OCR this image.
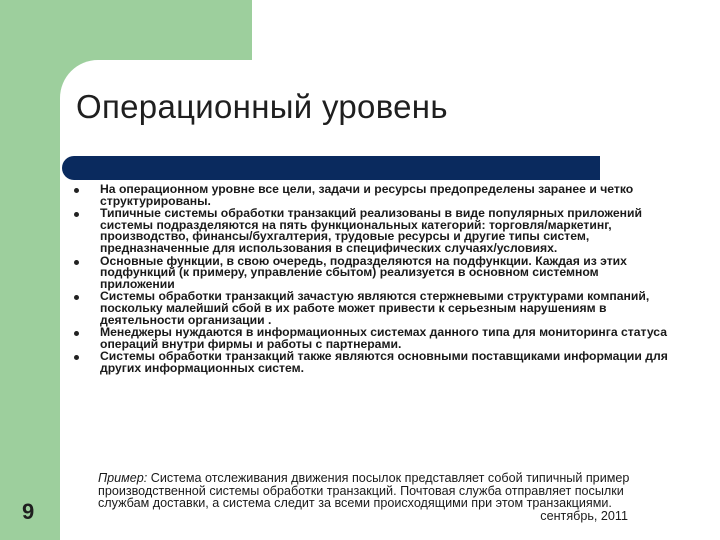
Операционный уровень
На операционном уровне все цели, задачи и ресурсы предопределены заранее и четко структурированы.
Типичные системы обработки транзакций реализованы в виде популярных приложений системы подразделяются на пять функциональных категорий: торговля/маркетинг, производство, финансы/бухгалтерия, трудовые ресурсы и другие типы систем, предназначенные для использования в специфических случаях/условиях.
Основные функции, в свою очередь, подразделяются на подфункции. Каждая из этих подфункций (к примеру, управление сбытом) реализуется в основном системном приложении
Системы обработки транзакций зачастую являются стержневыми структурами компаний, поскольку малейший сбой в их работе может привести к серьезным нарушениям в деятельности организации .
Менеджеры нуждаются в информационных системах данного типа для мониторинга статуса операций внутри фирмы и работы с партнерами.
Системы обработки транзакций также являются основными поставщиками информации для других информационных систем.

Пример: Система отслеживания движения посылок представляет собой типичный пример производственной системы обработки транзакций. Почтовая служба отправляет посылки службам доставки, а система следит за всеми происходящими при этом транзакциями.
сентябрь, 2011

9
